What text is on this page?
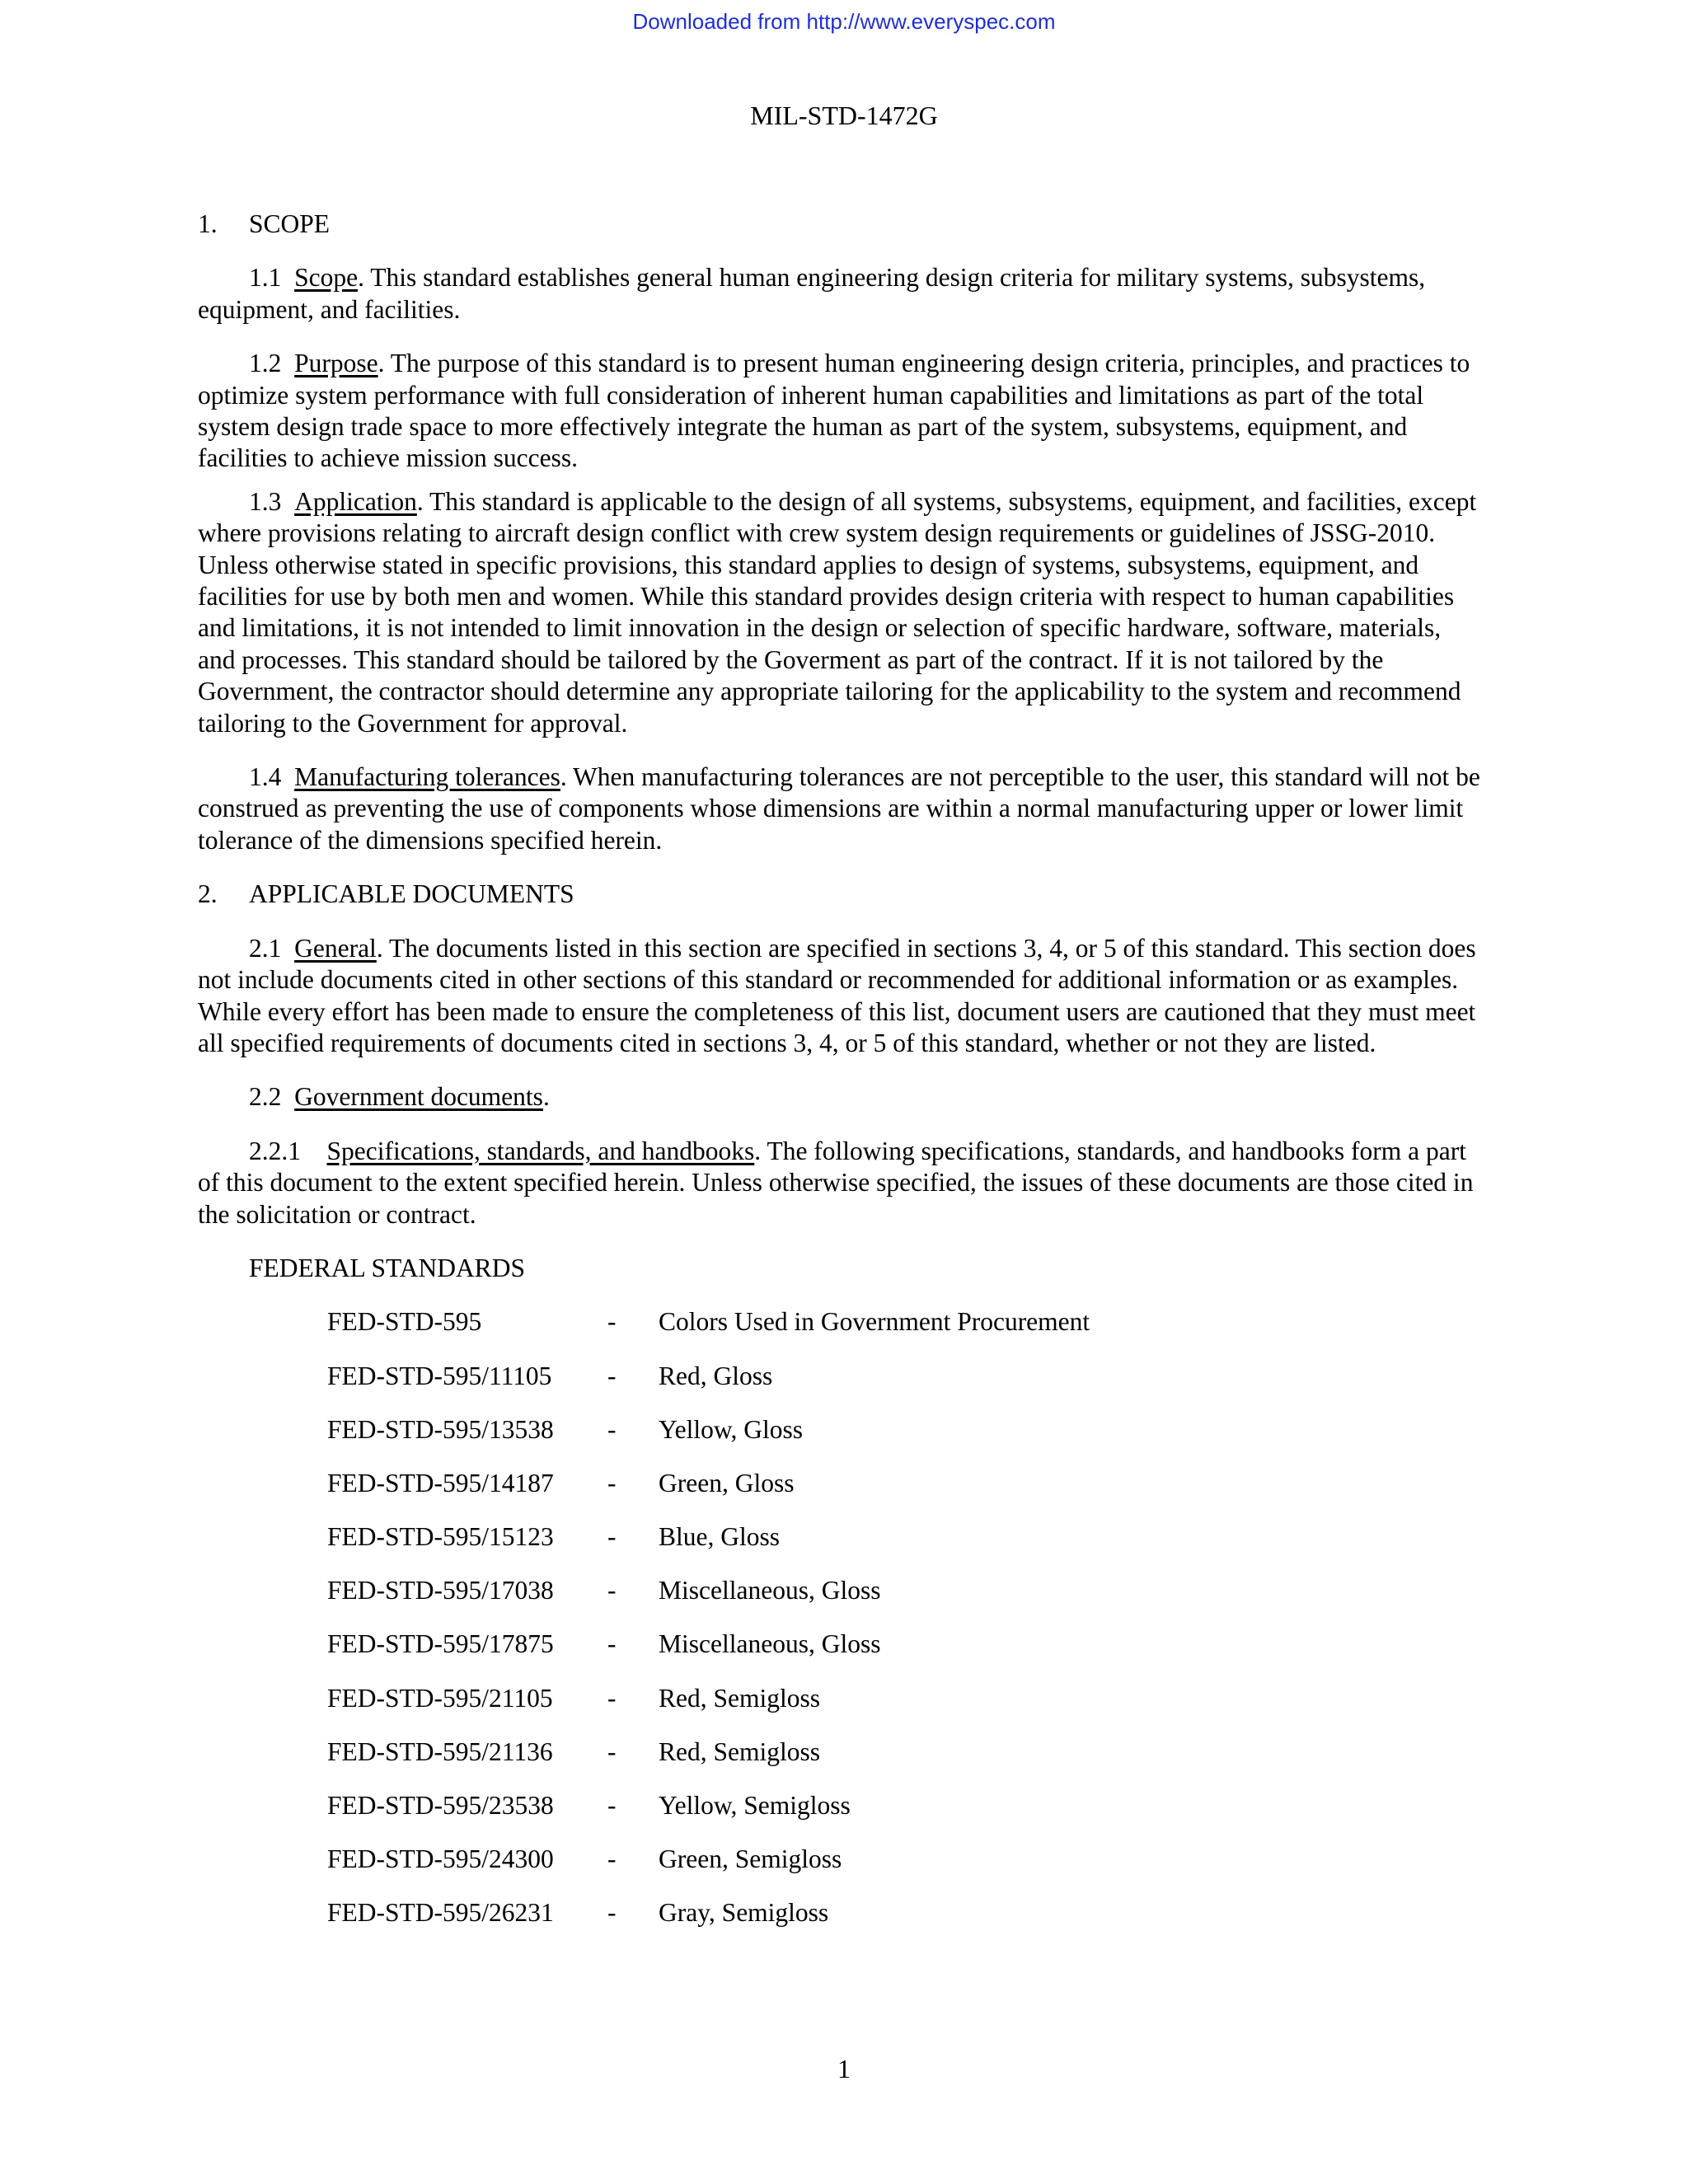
Downloaded from http://www.everyspec.com
MIL-STD-1472G

1. SCOPE

1.1 Scope. This standard establishes general human engineering design criteria for military systems, subsystems, equipment, and facilities.

1.2 Purpose. The purpose of this standard is to present human engineering design criteria, principles, and practices to optimize system performance with full consideration of inherent human capabilities and limitations as part of the total system design trade space to more effectively integrate the human as part of the system, subsystems, equipment, and facilities to achieve mission success.

1.3 Application. This standard is applicable to the design of all systems, subsystems, equipment, and facilities, except where provisions relating to aircraft design conflict with crew system design requirements or guidelines of JSSG-2010. Unless otherwise stated in specific provisions, this standard applies to design of systems, subsystems, equipment, and facilities for use by both men and women. While this standard provides design criteria with respect to human capabilities and limitations, it is not intended to limit innovation in the design or selection of specific hardware, software, materials, and processes. This standard should be tailored by the Goverment as part of the contract. If it is not tailored by the Government, the contractor should determine any appropriate tailoring for the applicability to the system and recommend tailoring to the Government for approval.

1.4 Manufacturing tolerances. When manufacturing tolerances are not perceptible to the user, this standard will not be construed as preventing the use of components whose dimensions are within a normal manufacturing upper or lower limit tolerance of the dimensions specified herein.

2. APPLICABLE DOCUMENTS

2.1 General. The documents listed in this section are specified in sections 3, 4, or 5 of this standard. This section does not include documents cited in other sections of this standard or recommended for additional information or as examples. While every effort has been made to ensure the completeness of this list, document users are cautioned that they must meet all specified requirements of documents cited in sections 3, 4, or 5 of this standard, whether or not they are listed.

2.2 Government documents.

2.2.1 Specifications, standards, and handbooks. The following specifications, standards, and handbooks form a part of this document to the extent specified herein. Unless otherwise specified, the issues of these documents are those cited in the solicitation or contract.

FEDERAL STANDARDS

FED-STD-595	-	Colors Used in Government Procurement
FED-STD-595/11105	-	Red, Gloss
FED-STD-595/13538	-	Yellow, Gloss
FED-STD-595/14187	-	Green, Gloss
FED-STD-595/15123	-	Blue, Gloss
FED-STD-595/17038	-	Miscellaneous, Gloss
FED-STD-595/17875	-	Miscellaneous, Gloss
FED-STD-595/21105	-	Red, Semigloss
FED-STD-595/21136	-	Red, Semigloss
FED-STD-595/23538	-	Yellow, Semigloss
FED-STD-595/24300	-	Green, Semigloss
FED-STD-595/26231	-	Gray, Semigloss
1
